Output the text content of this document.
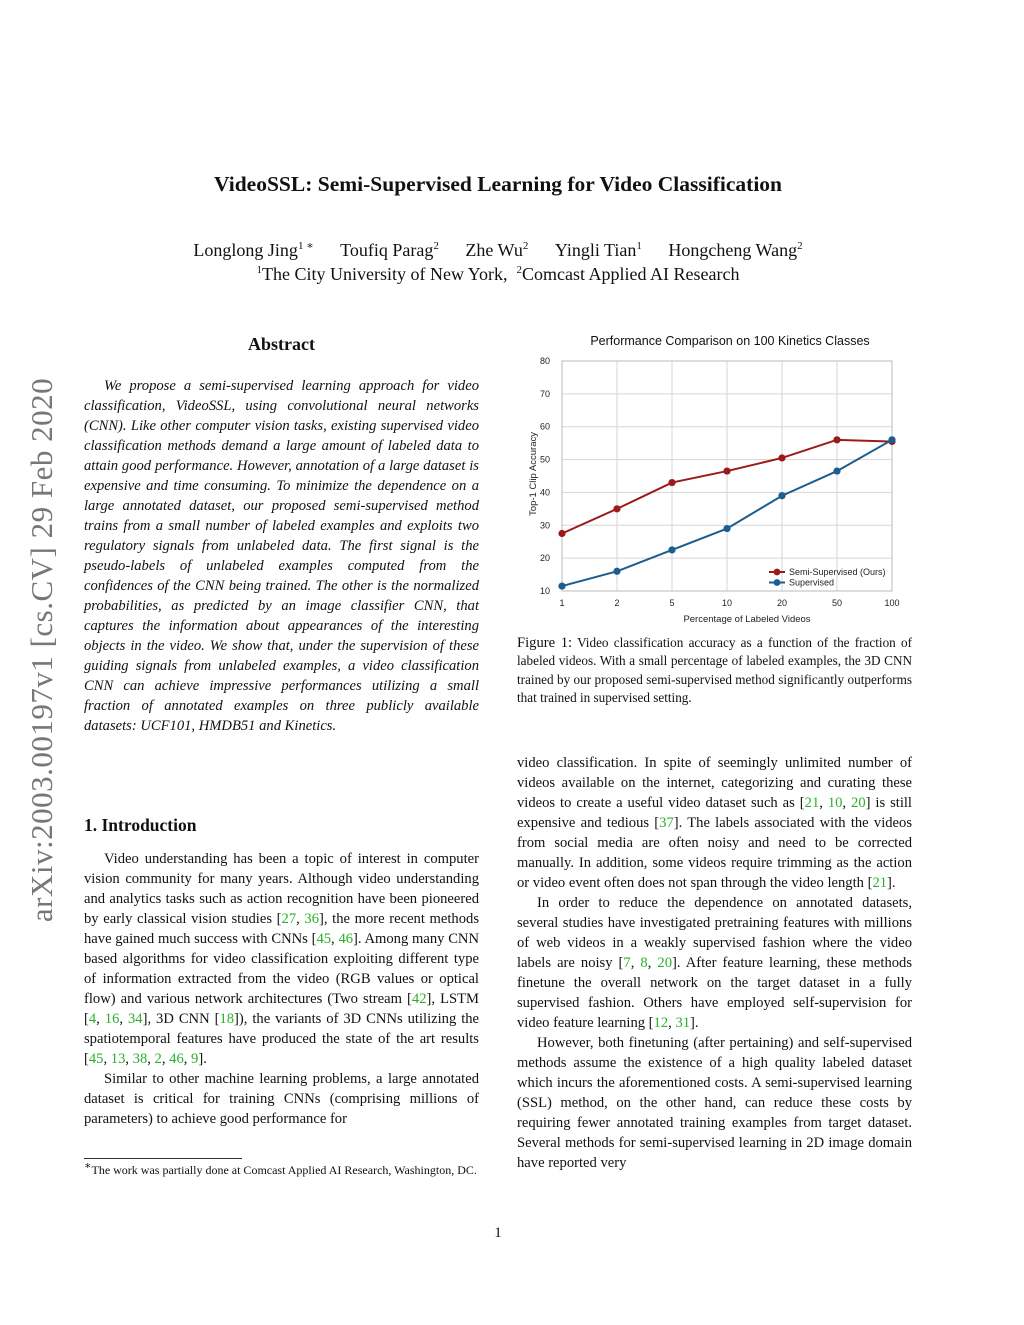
arXiv:2003.00197v1 [cs.CV] 29 Feb 2020
VideoSSL: Semi-Supervised Learning for Video Classification
Longlong Jing$^{1 ∗}$ Toufiq Parag$^2$ Zhe Wu$^2$ Yingli Tian$^1$ Hongcheng Wang$^2$
$^1$The City University of New York, $^2$Comcast Applied AI Research
Abstract
We propose a semi-supervised learning approach for video classification, VideoSSL, using convolutional neural networks (CNN). Like other computer vision tasks, existing supervised video classification methods demand a large amount of labeled data to attain good performance. However, annotation of a large dataset is expensive and time consuming. To minimize the dependence on a large annotated dataset, our proposed semi-supervised method trains from a small number of labeled examples and exploits two regulatory signals from unlabeled data. The first signal is the pseudo-labels of unlabeled examples computed from the confidences of the CNN being trained. The other is the normalized probabilities, as predicted by an image classifier CNN, that captures the information about appearances of the interesting objects in the video. We show that, under the supervision of these guiding signals from unlabeled examples, a video classification CNN can achieve impressive performances utilizing a small fraction of annotated examples on three publicly available datasets: UCF101, HMDB51 and Kinetics.
1. Introduction

Video understanding has been a topic of interest in computer vision community for many years. Although video understanding and analytics tasks such as action recognition have been pioneered by early classical vision studies [27, 36], the more recent methods have gained much success with CNNs [45, 46]. Among many CNN based algorithms for video classification exploiting different type of information extracted from the video (RGB values or optical flow) and various network architectures (Two stream [42], LSTM [4, 16, 34], 3D CNN [18]), the variants of 3D CNNs utilizing the spatiotemporal features have produced the state of the art results [45, 13, 38, 2, 46, 9].

Similar to other machine learning problems, a large annotated dataset is critical for training CNNs (comprising millions of parameters) to achieve good performance for

∗The work was partially done at Comcast Applied AI Research, Washington, DC.
Performance Comparison on 100 Kinetics Classes
10
20
30
40
50
60
70
80
1	2	5	10	20	50	100
Percentage of Labeled Videos
Top-1 Clip Accuracy
Semi-Supervised (Ours)
Supervised
Figure 1: Video classification accuracy as a function of the fraction of labeled videos. With a small percentage of labeled examples, the 3D CNN trained by our proposed semi-supervised method significantly outperforms that trained in supervised setting.

video classification. In spite of seemingly unlimited number of videos available on the internet, categorizing and curating these videos to create a useful video dataset such as [21, 10, 20] is still expensive and tedious [37]. The labels associated with the videos from social media are often noisy and need to be corrected manually. In addition, some videos require trimming as the action or video event often does not span through the video length [21].

In order to reduce the dependence on annotated datasets, several studies have investigated pretraining features with millions of web videos in a weakly supervised fashion where the video labels are noisy [7, 8, 20]. After feature learning, these methods finetune the overall network on the target dataset in a fully supervised fashion. Others have employed self-supervision for video feature learning [12, 31].

However, both finetuning (after pertaining) and self-supervised methods assume the existence of a high quality labeled dataset which incurs the aforementioned costs. A semi-supervised learning (SSL) method, on the other hand, can reduce these costs by requiring fewer annotated training examples from target dataset. Several methods for semi-supervised learning in 2D image domain have reported very

1
